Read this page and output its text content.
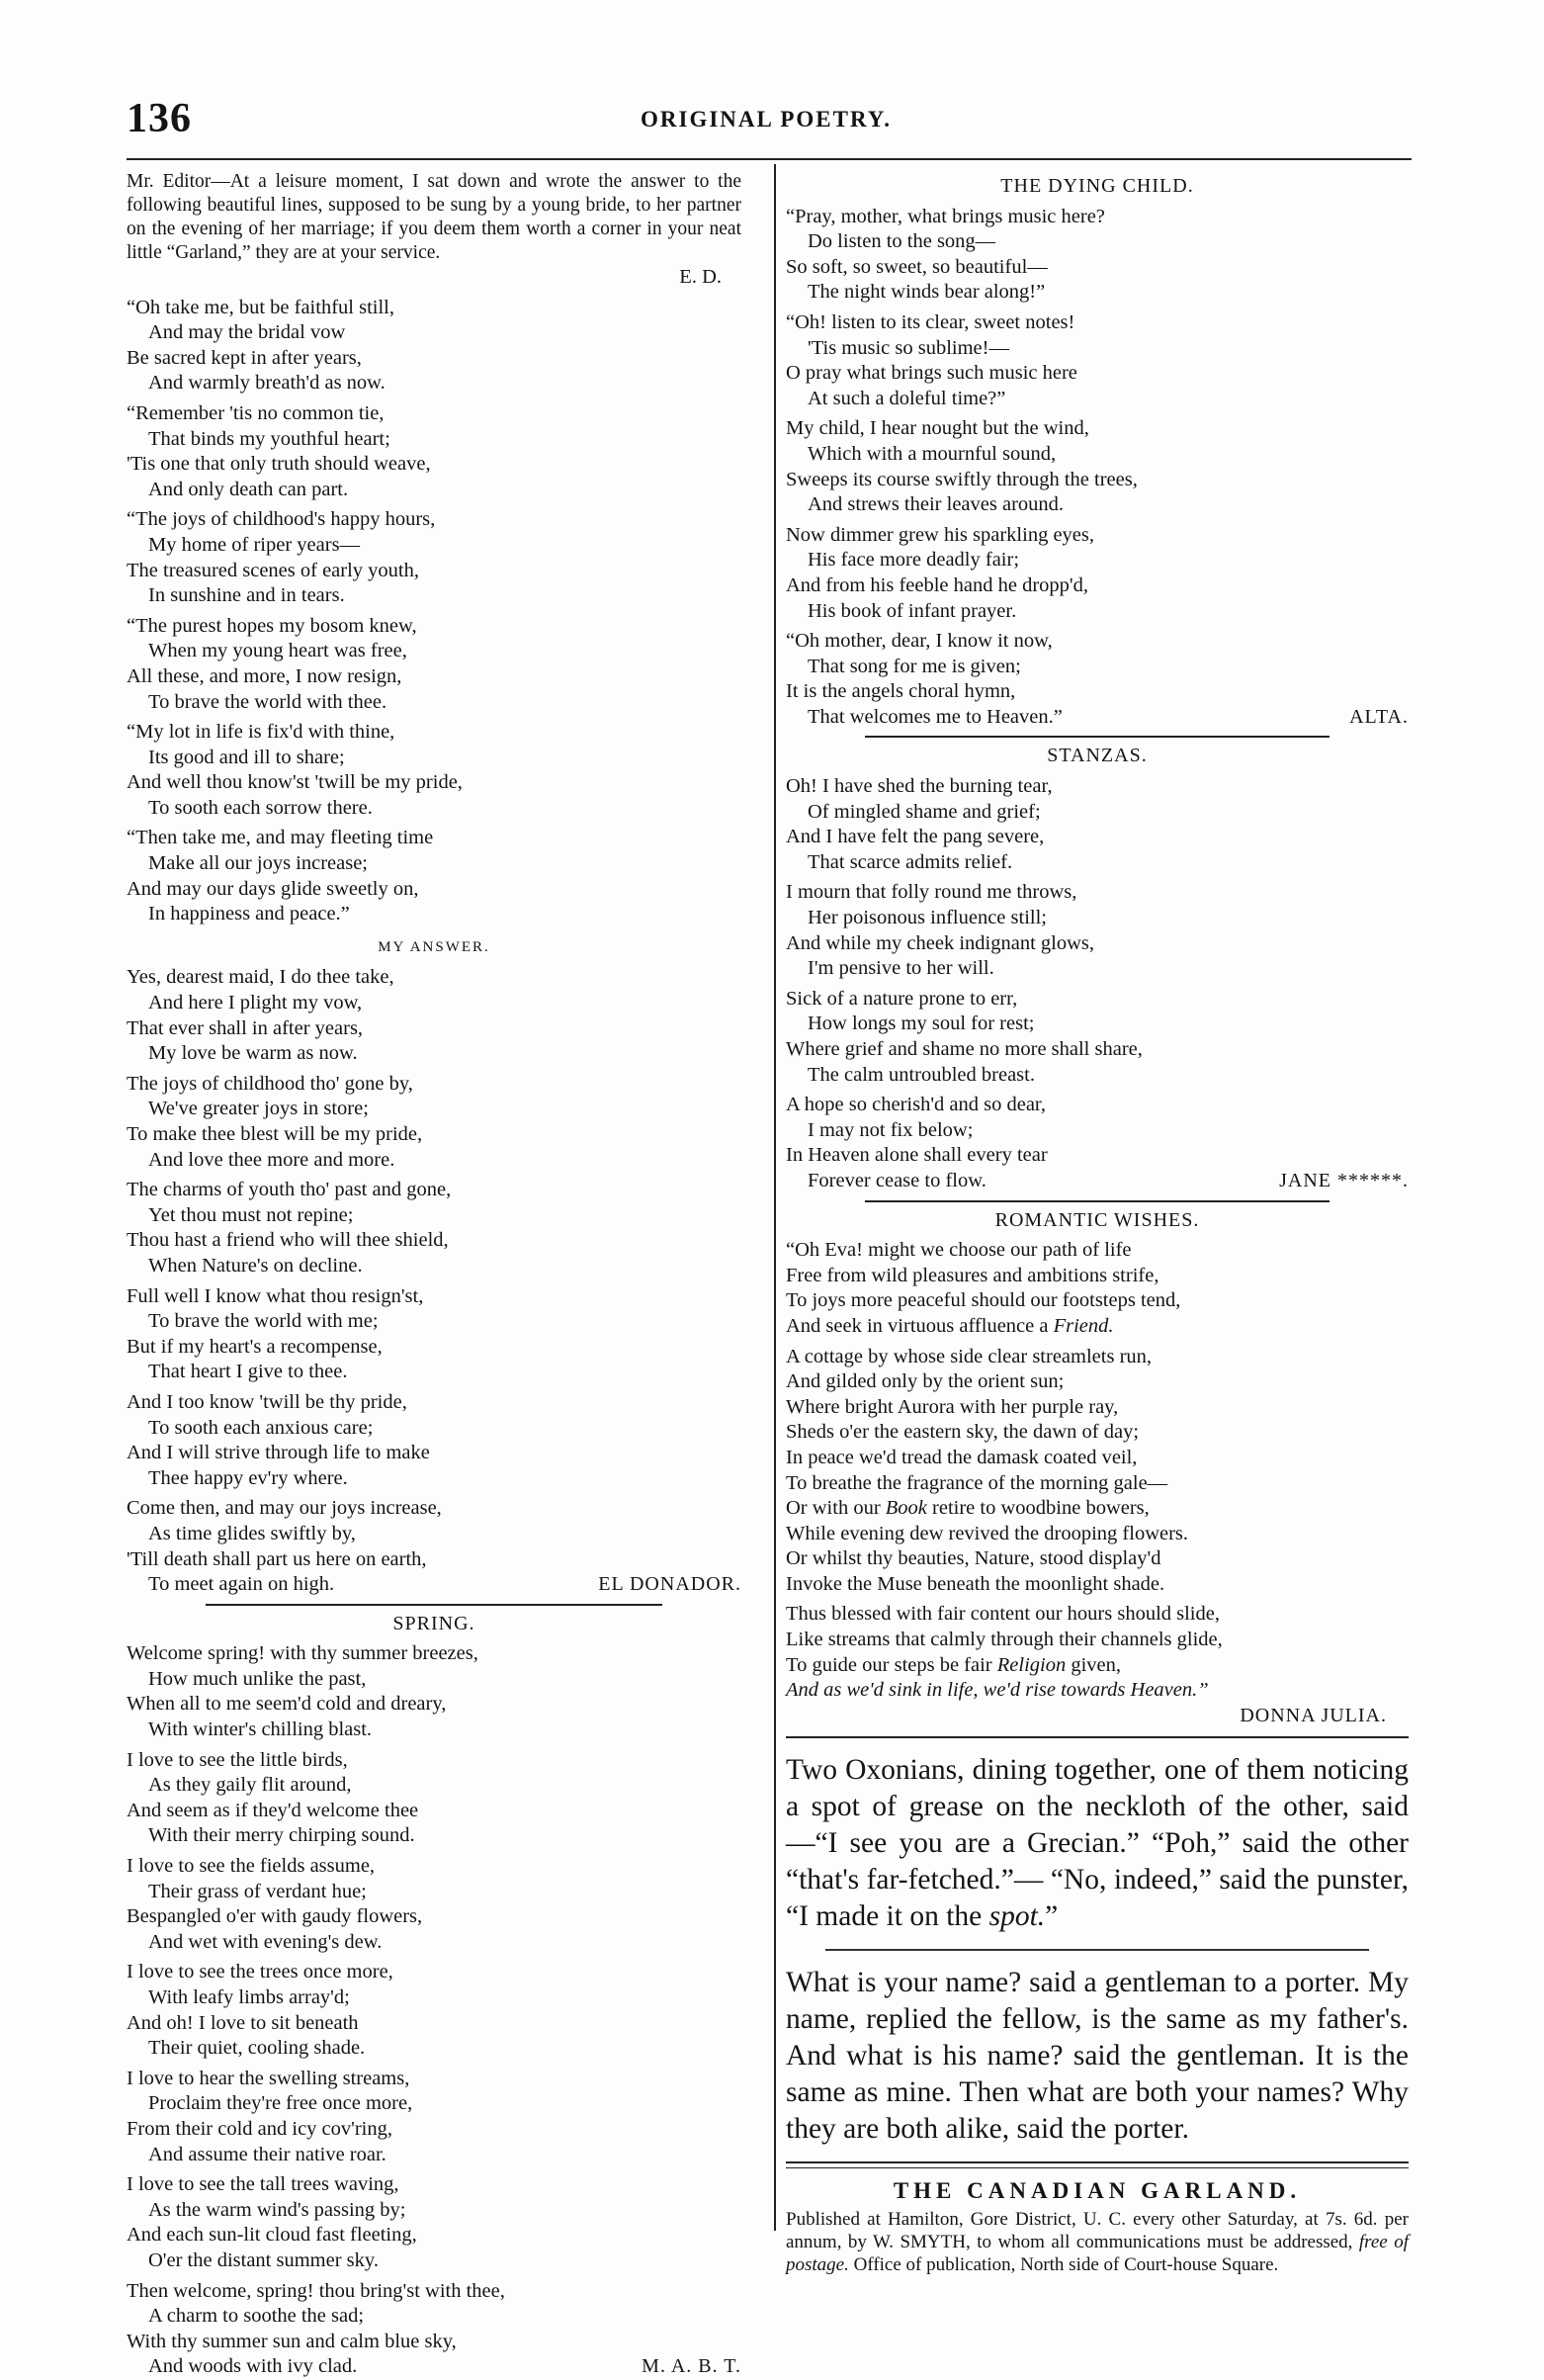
136	ORIGINAL POETRY.

Mr. Editor—At a leisure moment, I sat down and wrote the answer to the following beautiful lines, supposed to be sung by a young bride, to her partner on the evening of her marriage; if you deem them worth a corner in your neat little “Garland,” they are at your service.

E. D.
“Oh take me, but be faithful still,
And may the bridal vow
Be sacred kept in after years,
And warmly breath'd as now.
“Remember 'tis no common tie,
That binds my youthful heart;
'Tis one that only truth should weave,
And only death can part.
“The joys of childhood's happy hours,
My home of riper years—
The treasured scenes of early youth,
In sunshine and in tears.
“The purest hopes my bosom knew,
When my young heart was free,
All these, and more, I now resign,
To brave the world with thee.
“My lot in life is fix'd with thine,
Its good and ill to share;
And well thou know'st 'twill be my pride,
To sooth each sorrow there.
“Then take me, and may fleeting time
Make all our joys increase;
And may our days glide sweetly on,
In happiness and peace.”
MY ANSWER.
Yes, dearest maid, I do thee take,
And here I plight my vow,
That ever shall in after years,
My love be warm as now.
The joys of childhood tho' gone by,
We've greater joys in store;
To make thee blest will be my pride,
And love thee more and more.
The charms of youth tho' past and gone,
Yet thou must not repine;
Thou hast a friend who will thee shield,
When Nature's on decline.
Full well I know what thou resign'st,
To brave the world with me;
But if my heart's a recompense,
That heart I give to thee.
And I too know 'twill be thy pride,
To sooth each anxious care;
And I will strive through life to make
Thee happy ev'ry where.
Come then, and may our joys increase,
As time glides swiftly by,
'Till death shall part us here on earth,
To meet again on high.	EL DONADOR.
SPRING.
Welcome spring! with thy summer breezes,
How much unlike the past,
When all to me seem'd cold and dreary,
With winter's chilling blast.
I love to see the little birds,
As they gaily flit around,
And seem as if they'd welcome thee
With their merry chirping sound.
I love to see the fields assume,
Their grass of verdant hue;
Bespangled o'er with gaudy flowers,
And wet with evening's dew.
I love to see the trees once more,
With leafy limbs array'd;
And oh! I love to sit beneath
Their quiet, cooling shade.
I love to hear the swelling streams,
Proclaim they're free once more,
From their cold and icy cov'ring,
And assume their native roar.
I love to see the tall trees waving,
As the warm wind's passing by;
And each sun-lit cloud fast fleeting,
O'er the distant summer sky.
Then welcome, spring! thou bring'st with thee,
A charm to soothe the sad;
With thy summer sun and calm blue sky,
And woods with ivy clad.	M. A. B. T.
THE DYING CHILD.
“Pray, mother, what brings music here?
Do listen to the song—
So soft, so sweet, so beautiful—
The night winds bear along!”
“Oh! listen to its clear, sweet notes!
'Tis music so sublime!—
O pray what brings such music here
At such a doleful time?”
My child, I hear nought but the wind,
Which with a mournful sound,
Sweeps its course swiftly through the trees,
And strews their leaves around.
Now dimmer grew his sparkling eyes,
His face more deadly fair;
And from his feeble hand he dropp'd,
His book of infant prayer.
“Oh mother, dear, I know it now,
That song for me is given;
It is the angels choral hymn,
That welcomes me to Heaven.”	ALTA.
STANZAS.
Oh! I have shed the burning tear,
Of mingled shame and grief;
And I have felt the pang severe,
That scarce admits relief.
I mourn that folly round me throws,
Her poisonous influence still;
And while my cheek indignant glows,
I'm pensive to her will.
Sick of a nature prone to err,
How longs my soul for rest;
Where grief and shame no more shall share,
The calm untroubled breast.
A hope so cherish'd and so dear,
I may not fix below;
In Heaven alone shall every tear
Forever cease to flow.	JANE ******.
ROMANTIC WISHES.
“Oh Eva! might we choose our path of life
Free from wild pleasures and ambitions strife,
To joys more peaceful should our footsteps tend,
And seek in virtuous affluence a Friend.
A cottage by whose side clear streamlets run,
And gilded only by the orient sun;
Where bright Aurora with her purple ray,
Sheds o'er the eastern sky, the dawn of day;
In peace we'd tread the damask coated veil,
To breathe the fragrance of the morning gale—
Or with our Book retire to woodbine bowers,
While evening dew revived the drooping flowers.
Or whilst thy beauties, Nature, stood display'd
Invoke the Muse beneath the moonlight shade.
Thus blessed with fair content our hours should slide,
Like streams that calmly through their channels glide,
To guide our steps be fair Religion given,
And as we'd sink in life, we'd rise towards Heaven.”
DONNA JULIA.

Two Oxonians, dining together, one of them noticing a spot of grease on the neckloth of the other, said—“I see you are a Grecian.” “Poh,” said the other “that's far-fetched.”— “No, indeed,” said the punster, “I made it on the spot.”

What is your name? said a gentleman to a porter. My name, replied the fellow, is the same as my father's. And what is his name? said the gentleman. It is the same as mine. Then what are both your names? Why they are both alike, said the porter.

THE CANADIAN GARLAND.

Published at Hamilton, Gore District, U. C. every other Saturday, at 7s. 6d. per annum, by W. SMYTH, to whom all communications must be addressed, free of postage. Office of publication, North side of Court-house Square.
